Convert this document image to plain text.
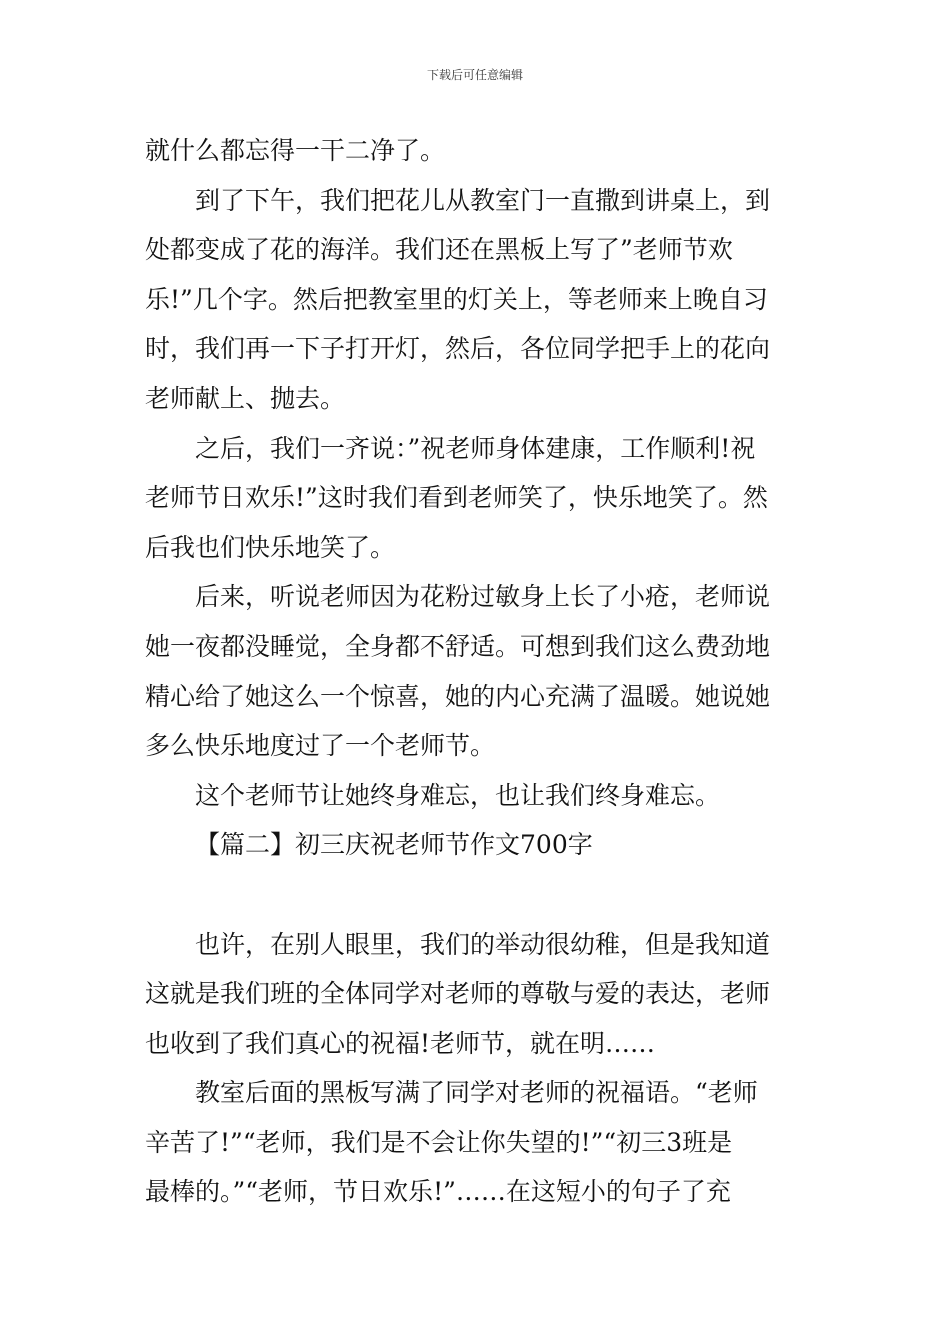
下载后可任意编辑

就什么都忘得一干二净了。

　　到了下午，我们把花儿从教室门一直撒到讲桌上，到

处都变成了花的海洋。我们还在黑板上写了”老师节欢

乐!”几个字。然后把教室里的灯关上，等老师来上晚自习

时，我们再一下子打开灯，然后，各位同学把手上的花向

老师献上、抛去。

　　之后，我们一齐说：”祝老师身体建康，工作顺利!祝

老师节日欢乐!”这时我们看到老师笑了，快乐地笑了。然

后我也们快乐地笑了。

　　后来，听说老师因为花粉过敏身上长了小疮，老师说

她一夜都没睡觉，全身都不舒适。可想到我们这么费劲地

精心给了她这么一个惊喜，她的内心充满了温暖。她说她

多么快乐地度过了一个老师节。

　　这个老师节让她终身难忘，也让我们终身难忘。

【篇二】初三庆祝老师节作文700字

　　也许，在别人眼里，我们的举动很幼稚，但是我知道

这就是我们班的全体同学对老师的尊敬与爱的表达，老师

也收到了我们真心的祝福!老师节，就在明……

　　教室后面的黑板写满了同学对老师的祝福语。“老师

辛苦了!”“老师，我们是不会让你失望的!”“初三3班是

最棒的。”“老师，节日欢乐!”……在这短小的句子了充
